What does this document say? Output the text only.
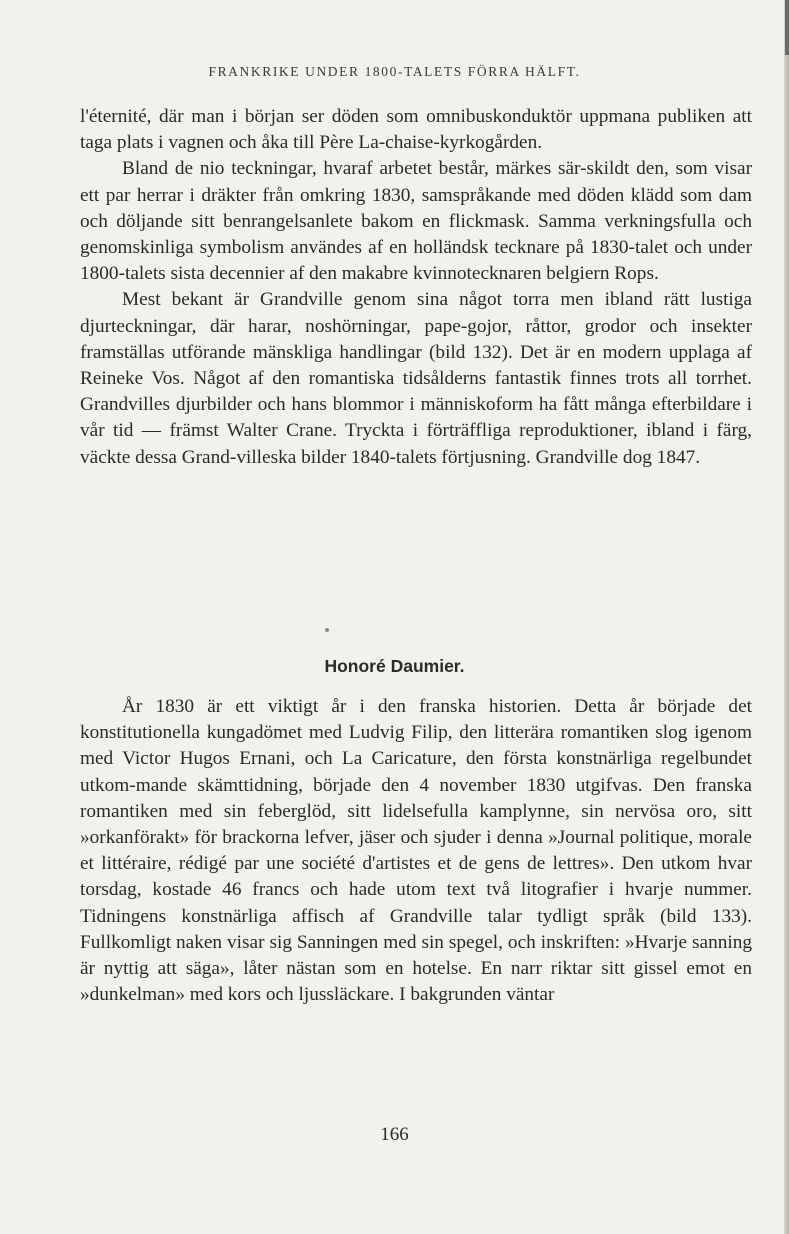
FRANKRIKE UNDER 1800-TALETS FÖRRA HÄLFT.

l'éternité, där man i början ser döden som omnibuskonduktör uppmana publiken att taga plats i vagnen och åka till Père La-chaise-kyrkogården.

Bland de nio teckningar, hvaraf arbetet består, märkes sär-skildt den, som visar ett par herrar i dräkter från omkring 1830, samspråkande med döden klädd som dam och döljande sitt benrangelsanlete bakom en flickmask. Samma verkningsfulla och genomskinliga symbolism användes af en holländsk tecknare på 1830-talet och under 1800-talets sista decennier af den makabre kvinnotecknaren belgiern Rops.

Mest bekant är Grandville genom sina något torra men ibland rätt lustiga djurteckningar, där harar, noshörningar, pape-gojor, råttor, grodor och insekter framställas utförande mänskliga handlingar (bild 132). Det är en modern upplaga af Reineke Vos. Något af den romantiska tidsålderns fantastik finnes trots all torrhet. Grandvilles djurbilder och hans blommor i människoform ha fått många efterbildare i vår tid — främst Walter Crane. Tryckta i förträffliga reproduktioner, ibland i färg, väckte dessa Grand-villeska bilder 1840-talets förtjusning. Grandville dog 1847.

Honoré Daumier.

År 1830 är ett viktigt år i den franska historien. Detta år började det konstitutionella kungadömet med Ludvig Filip, den litterära romantiken slog igenom med Victor Hugos Ernani, och La Caricature, den första konstnärliga regelbundet utkom-mande skämttidning, började den 4 november 1830 utgifvas. Den franska romantiken med sin feberglöd, sitt lidelsefulla kamplynne, sin nervösa oro, sitt »orkanförakt» för brackorna lefver, jäser och sjuder i denna »Journal politique, morale et littéraire, rédigé par une société d'artistes et de gens de lettres». Den utkom hvar torsdag, kostade 46 francs och hade utom text två litografier i hvarje nummer. Tidningens konstnärliga affisch af Grandville talar tydligt språk (bild 133). Fullkomligt naken visar sig Sanningen med sin spegel, och inskriften: »Hvarje sanning är nyttig att säga», låter nästan som en hotelse. En narr riktar sitt gissel emot en »dunkelman» med kors och ljussläckare. I bakgrunden väntar

166
